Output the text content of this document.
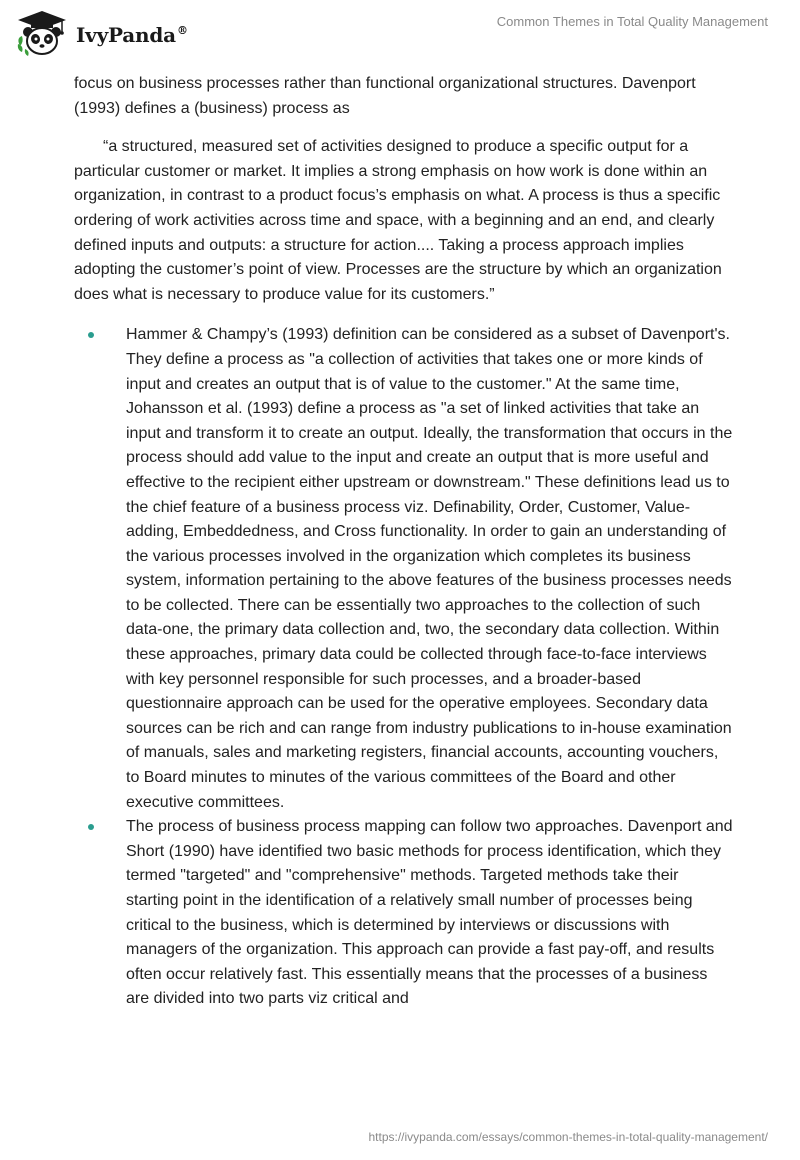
IvyPanda®
Common Themes in Total Quality Management

focus on business processes rather than functional organizational structures. Davenport (1993) defines a (business) process as

“a structured, measured set of activities designed to produce a specific output for a particular customer or market. It implies a strong emphasis on how work is done within an organization, in contrast to a product focus’s emphasis on what. A process is thus a specific ordering of work activities across time and space, with a beginning and an end, and clearly defined inputs and outputs: a structure for action.... Taking a process approach implies adopting the customer’s point of view. Processes are the structure by which an organization does what is necessary to produce value for its customers.”

Hammer & Champy’s (1993) definition can be considered as a subset of Davenport's. They define a process as "a collection of activities that takes one or more kinds of input and creates an output that is of value to the customer." At the same time, Johansson et al. (1993) define a process as "a set of linked activities that take an input and transform it to create an output. Ideally, the transformation that occurs in the process should add value to the input and create an output that is more useful and effective to the recipient either upstream or downstream." These definitions lead us to the chief feature of a business process viz. Definability, Order, Customer, Value-adding, Embeddedness, and Cross functionality. In order to gain an understanding of the various processes involved in the organization which completes its business system, information pertaining to the above features of the business processes needs to be collected. There can be essentially two approaches to the collection of such data-one, the primary data collection and, two, the secondary data collection. Within these approaches, primary data could be collected through face-to-face interviews with key personnel responsible for such processes, and a broader-based questionnaire approach can be used for the operative employees. Secondary data sources can be rich and can range from industry publications to in-house examination of manuals, sales and marketing registers, financial accounts, accounting vouchers, to Board minutes to minutes of the various committees of the Board and other executive committees.
The process of business process mapping can follow two approaches. Davenport and Short (1990) have identified two basic methods for process identification, which they termed "targeted" and "comprehensive" methods. Targeted methods take their starting point in the identification of a relatively small number of processes being critical to the business, which is determined by interviews or discussions with managers of the organization. This approach can provide a fast pay-off, and results often occur relatively fast. This essentially means that the processes of a business are divided into two parts viz critical and
https://ivypanda.com/essays/common-themes-in-total-quality-management/
